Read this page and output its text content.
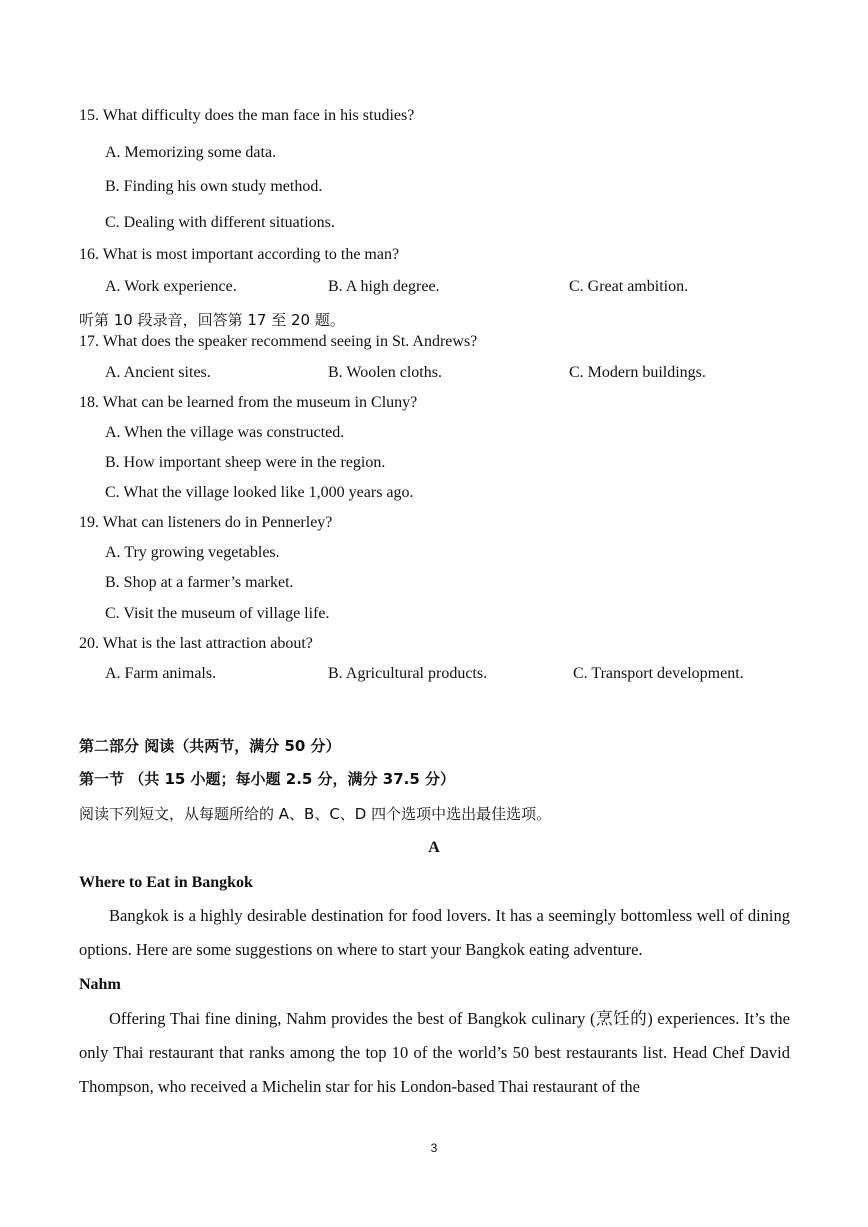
15. What difficulty does the man face in his studies?
A. Memorizing some data.
B. Finding his own study method.
C. Dealing with different situations.
16. What is most important according to the man?
A. Work experience.	B. A high degree.	C. Great ambition.
听第 10 段录音，回答第 17 至 20 题。
17. What does the speaker recommend seeing in St. Andrews?
A. Ancient sites.	B. Woolen cloths.	C. Modern buildings.
18. What can be learned from the museum in Cluny?
A. When the village was constructed.
B. How important sheep were in the region.
C. What the village looked like 1,000 years ago.
19. What can listeners do in Pennerley?
A. Try growing vegetables.
B. Shop at a farmer’s market.
C. Visit the museum of village life.
20. What is the last attraction about?
A. Farm animals.	B. Agricultural products.	C. Transport development.
第二部分 阅读（共两节，满分 50 分）
第一节 （共 15 小题；每小题 2.5 分，满分 37.5 分）
阅读下列短文，从每题所给的 A、B、C、D 四个选项中选出最佳选项。
A
Where to Eat in Bangkok
Bangkok is a highly desirable destination for food lovers. It has a seemingly bottomless well of dining options. Here are some suggestions on where to start your Bangkok eating adventure.
Nahm
Offering Thai fine dining, Nahm provides the best of Bangkok culinary (烹饪的) experiences. It’s the only Thai restaurant that ranks among the top 10 of the world’s 50 best restaurants list. Head Chef David Thompson, who received a Michelin star for his London-based Thai restaurant of the
3
